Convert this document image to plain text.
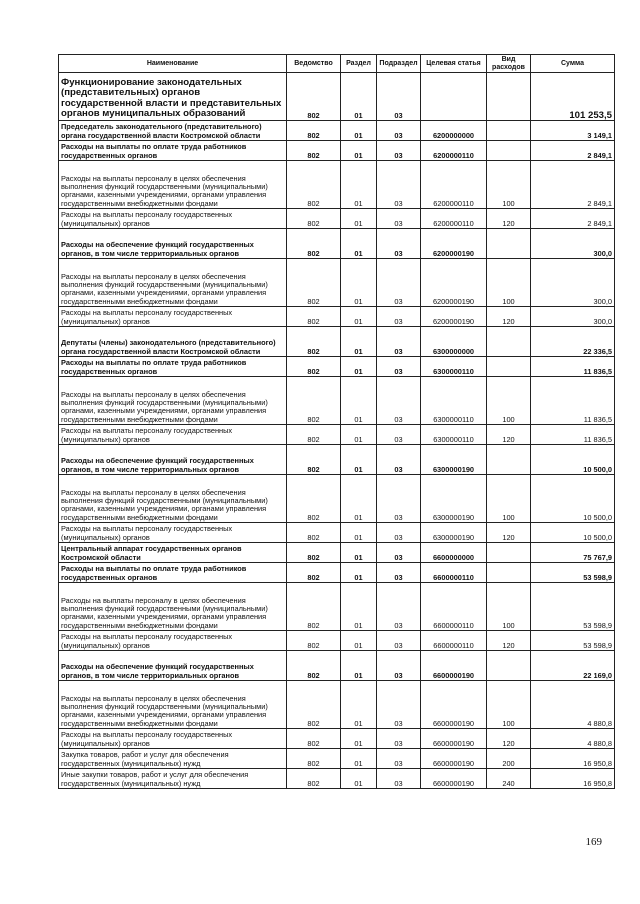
Наименование	Ведомство	Раздел	Подраздел	Целевая статья	Вид расходов	Сумма
Функционирование законодательных (представительных) органов государственной власти и представительных органов муниципальных образований	802	01	03			101 253,5
Председатель законодательного (представительного) органа государственной власти Костромской области	802	01	03	6200000000		3 149,1
Расходы на выплаты по оплате труда работников государственных органов	802	01	03	6200000110		2 849,1
Расходы на выплаты персоналу в целях обеспечения выполнения функций государственными (муниципальными) органами, казенными учреждениями, органами управления государственными внебюджетными фондами	802	01	03	6200000110	100	2 849,1
Расходы на выплаты персоналу государственных (муниципальных) органов	802	01	03	6200000110	120	2 849,1
Расходы на обеспечение функций государственных органов, в том числе территориальных органов	802	01	03	6200000190		300,0
Расходы на выплаты персоналу в целях обеспечения выполнения функций государственными (муниципальными) органами, казенными учреждениями, органами управления государственными внебюджетными фондами	802	01	03	6200000190	100	300,0
Расходы на выплаты персоналу государственных (муниципальных) органов	802	01	03	6200000190	120	300,0
Депутаты (члены) законодательного (представительного) органа государственной власти Костромской области	802	01	03	6300000000		22 336,5
Расходы на выплаты по оплате труда работников государственных органов	802	01	03	6300000110		11 836,5
Расходы на выплаты персоналу в целях обеспечения выполнения функций государственными (муниципальными) органами, казенными учреждениями, органами управления государственными внебюджетными фондами	802	01	03	6300000110	100	11 836,5
Расходы на выплаты персоналу государственных (муниципальных) органов	802	01	03	6300000110	120	11 836,5
Расходы на обеспечение функций государственных органов, в том числе территориальных органов	802	01	03	6300000190		10 500,0
Расходы на выплаты персоналу в целях обеспечения выполнения функций государственными (муниципальными) органами, казенными учреждениями, органами управления государственными внебюджетными фондами	802	01	03	6300000190	100	10 500,0
Расходы на выплаты персоналу государственных (муниципальных) органов	802	01	03	6300000190	120	10 500,0
Центральный аппарат государственных органов Костромской области	802	01	03	6600000000		75 767,9
Расходы на выплаты по оплате труда работников государственных органов	802	01	03	6600000110		53 598,9
Расходы на выплаты персоналу в целях обеспечения выполнения функций государственными (муниципальными) органами, казенными учреждениями, органами управления государственными внебюджетными фондами	802	01	03	6600000110	100	53 598,9
Расходы на выплаты персоналу государственных (муниципальных) органов	802	01	03	6600000110	120	53 598,9
Расходы на обеспечение функций государственных органов, в том числе территориальных органов	802	01	03	6600000190		22 169,0
Расходы на выплаты персоналу в целях обеспечения выполнения функций государственными (муниципальными) органами, казенными учреждениями, органами управления государственными внебюджетными фондами	802	01	03	6600000190	100	4 880,8
Расходы на выплаты персоналу государственных (муниципальных) органов	802	01	03	6600000190	120	4 880,8
Закупка товаров, работ и услуг для обеспечения государственных (муниципальных) нужд	802	01	03	6600000190	200	16 950,8
Иные закупки товаров, работ и услуг для обеспечения государственных (муниципальных) нужд	802	01	03	6600000190	240	16 950,8
169
